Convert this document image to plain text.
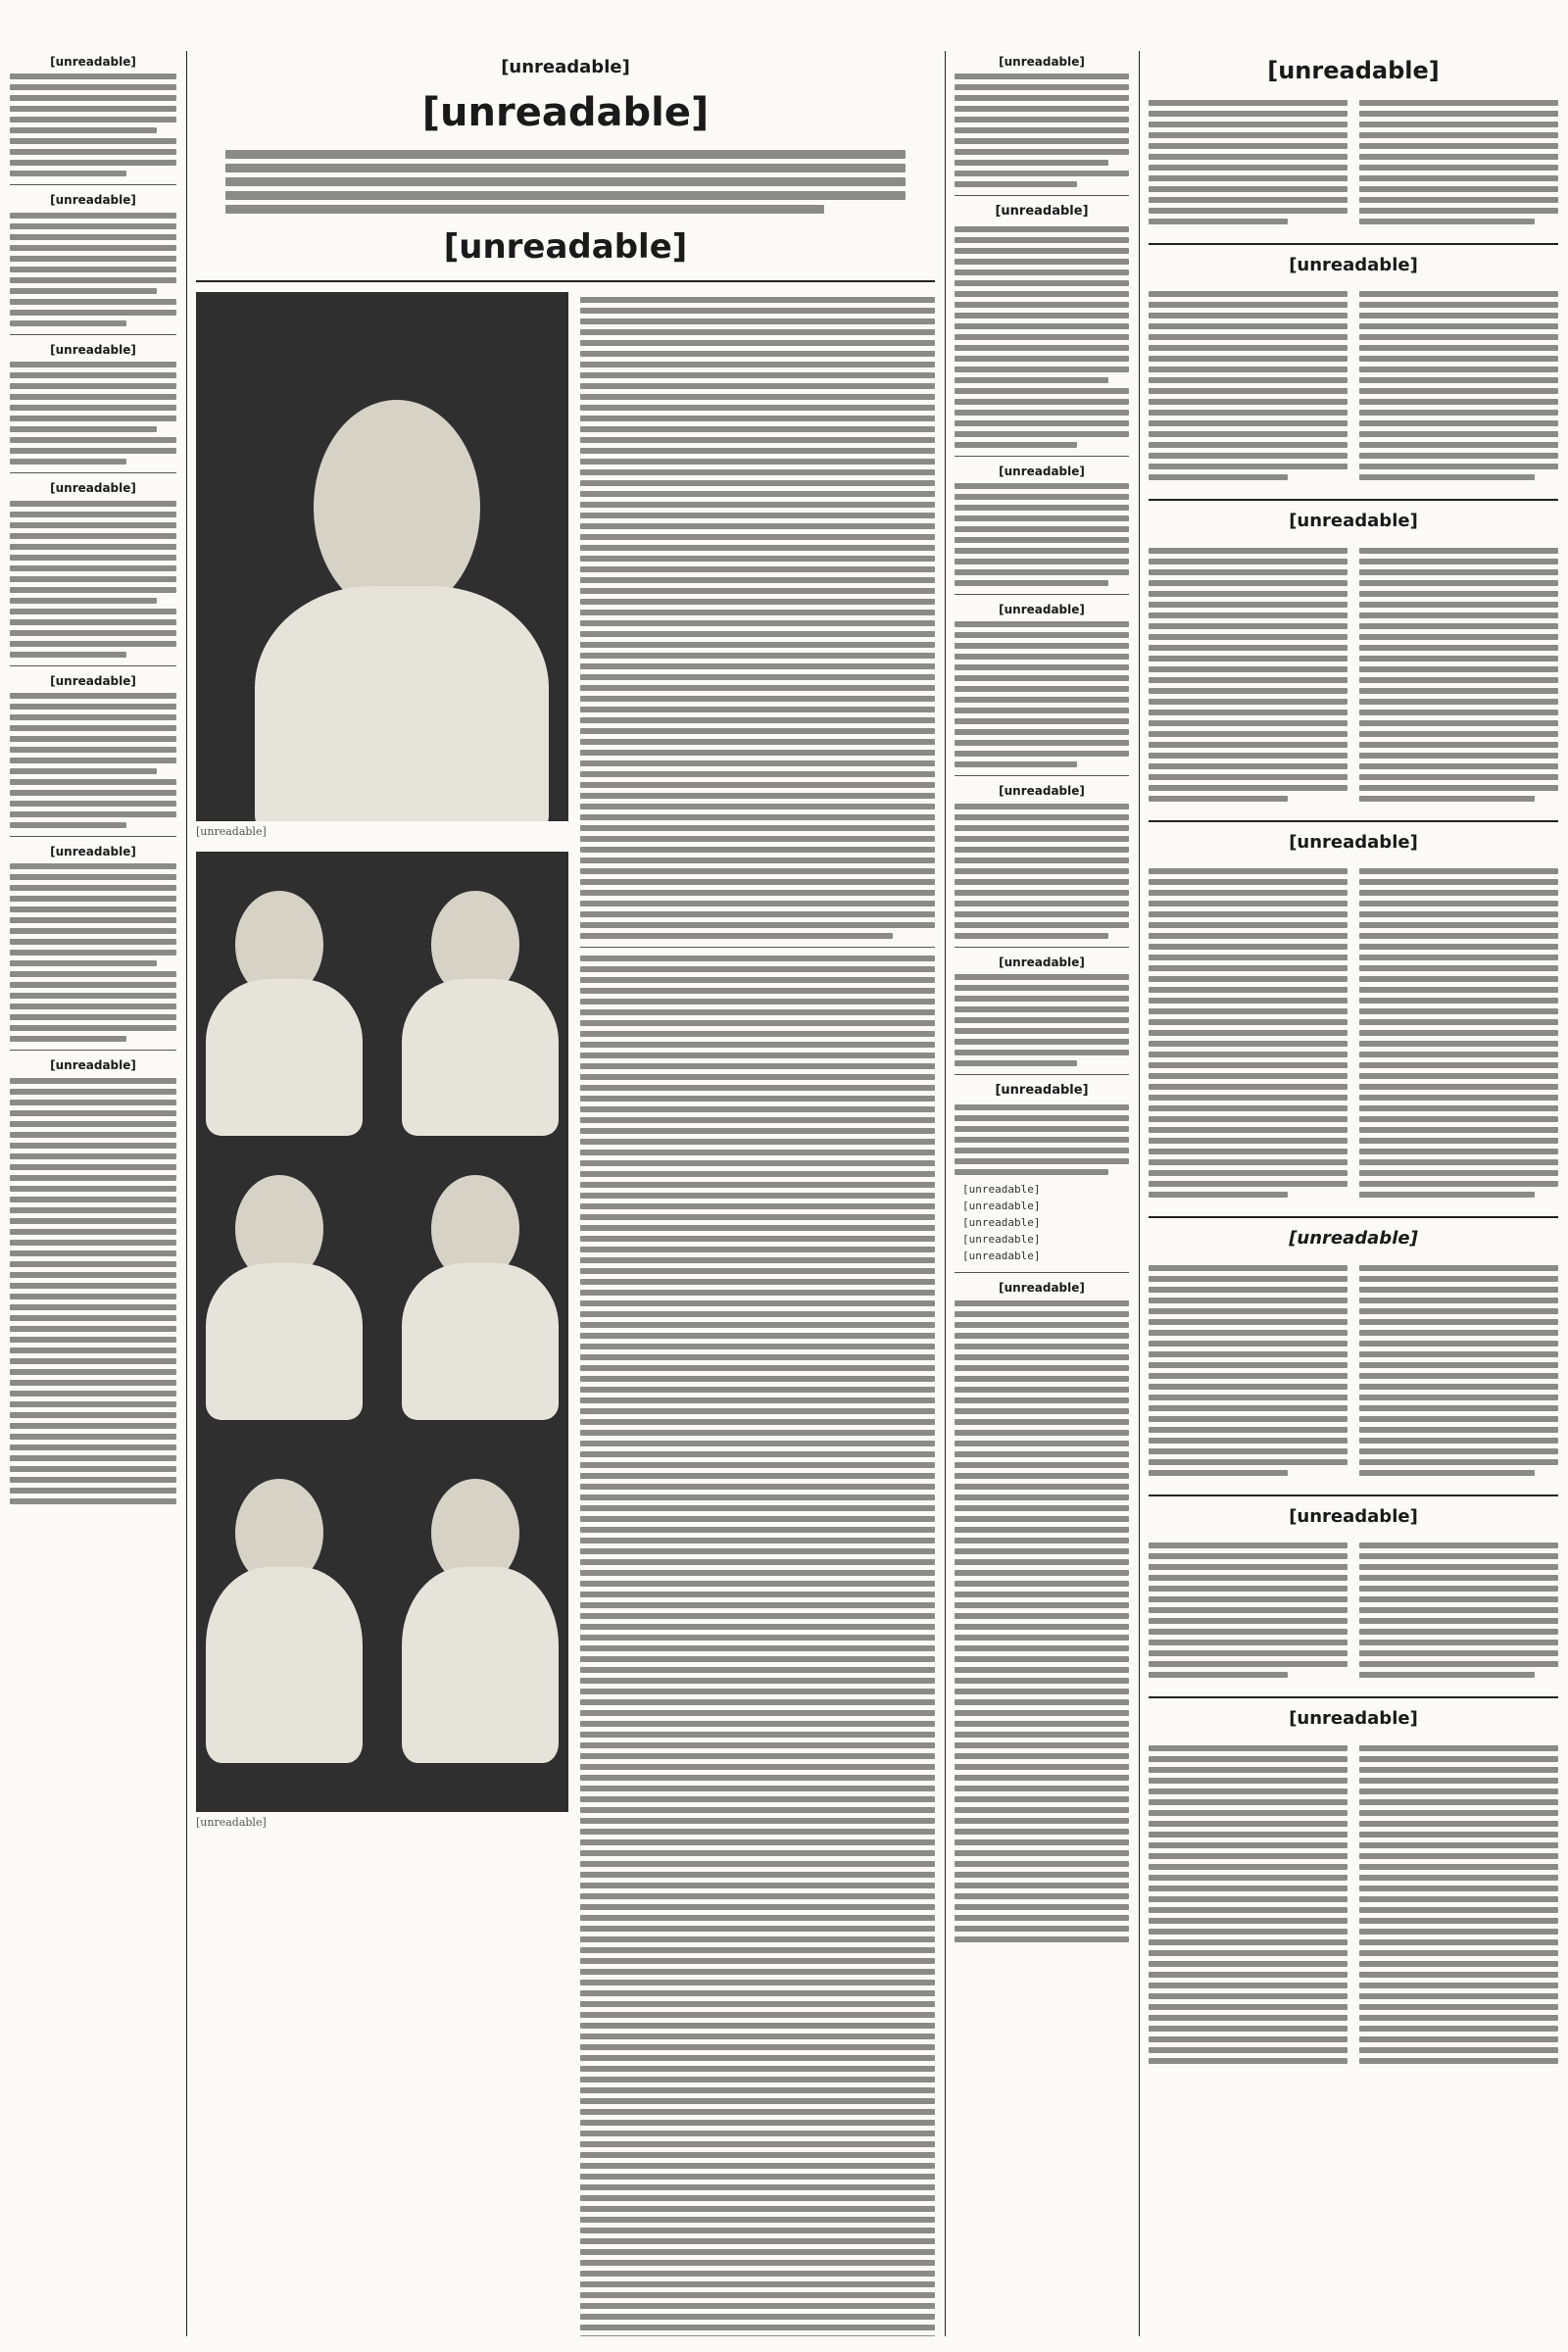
[unreadable]
[unreadable]
[unreadable]
[unreadable]
[unreadable]
[unreadable]
[unreadable]
[unreadable]
[unreadable]
[unreadable]
[unreadable]
[unreadable]
[unreadable]
[unreadable]
[unreadable]
[unreadable]
[unreadable]
[unreadable]
[unreadable]
[unreadable]
[unreadable]
[unreadable]
[unreadable]
[unreadable]
[unreadable]
[unreadable]
[unreadable]
[unreadable]
[unreadable]
[unreadable]
[unreadable]
[unreadable]
